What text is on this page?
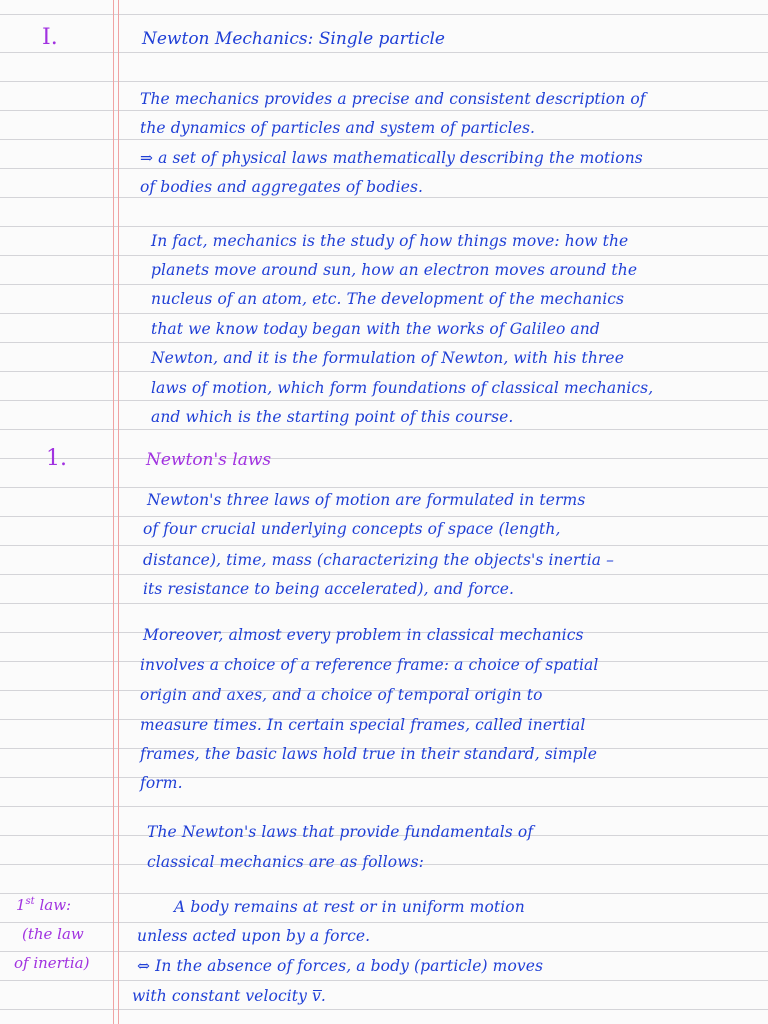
I.	Newton Mechanics: Single particle
The mechanics provides a precise and consistent description of
the dynamics of particles and system of particles.
⇒ a set of physical laws mathematically describing the motions
of bodies and aggregates of bodies.
In fact, mechanics is the study of how things move: how the
planets move around sun, how an electron moves around the
nucleus of an atom, etc. The development of the mechanics
that we know today began with the works of Galileo and
Newton, and it is the formulation of Newton, with his three
laws of motion, which form foundations of classical mechanics,
and which is the starting point of this course.
1.	Newton's laws
Newton's three laws of motion are formulated in terms
of four crucial underlying concepts of space (length,
distance), time, mass (characterizing the objects's inertia –
its resistance to being accelerated), and force.
Moreover, almost every problem in classical mechanics
involves a choice of a reference frame: a choice of spatial
origin and axes, and a choice of temporal origin to
measure times. In certain special frames, called inertial
frames, the basic laws hold true in their standard, simple
form.
The Newton's laws that provide fundamentals of
classical mechanics are as follows:
1st law:
(the law
of inertia)
A body remains at rest or in uniform motion
unless acted upon by a force.
⇔ In the absence of forces, a body (particle) moves
with constant velocity v.
